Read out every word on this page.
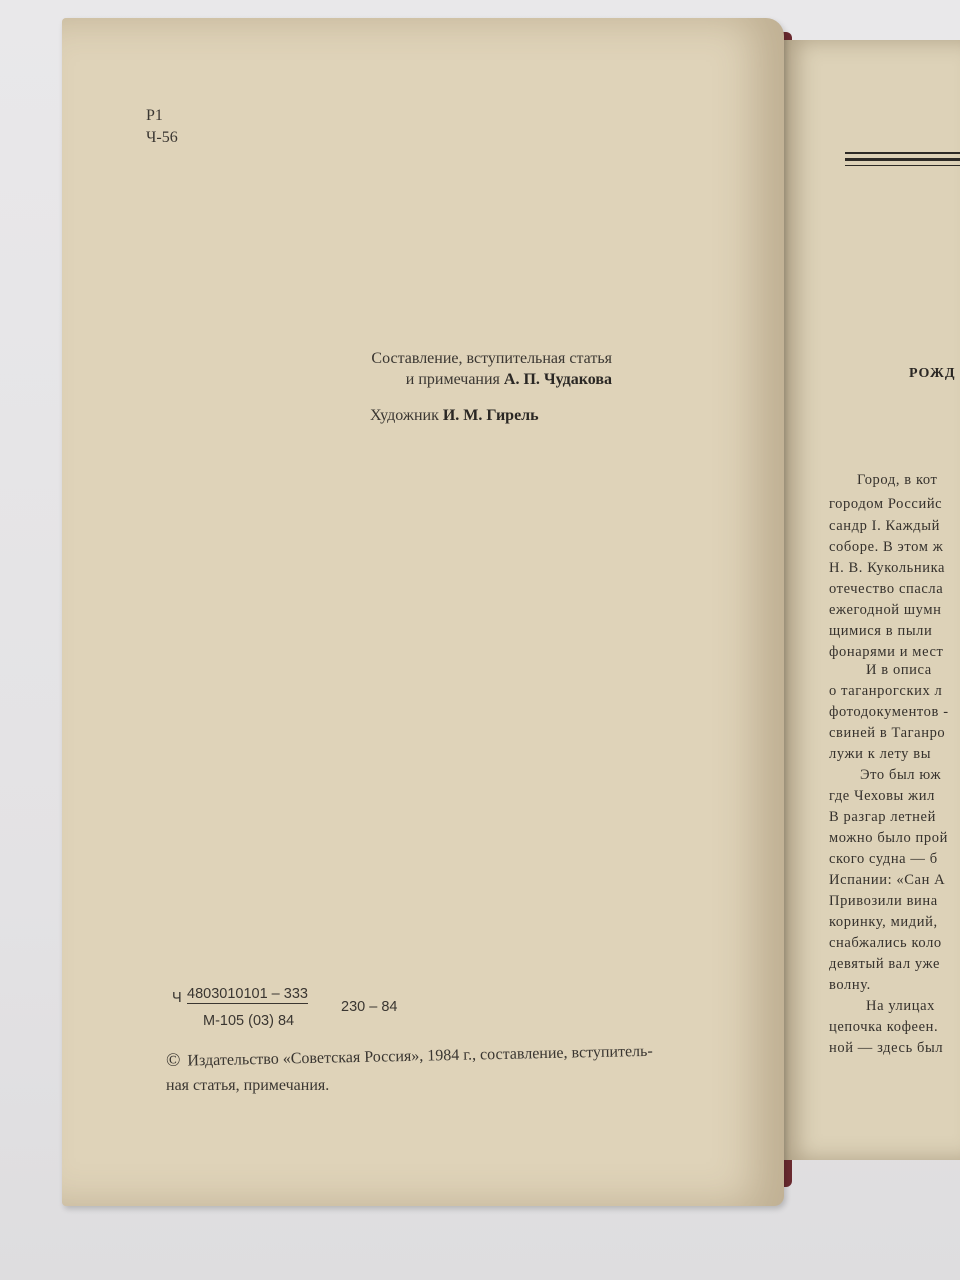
РОЖД
Город, в кот
городом Российс
сандр I. Каждый
соборе. В этом ж
Н. В. Кукольника
отечество спасла
ежегодной шумн
щимися в пыли
фонарями и мест
И в описа
о таганрогских л
фотодокументов -
свиней в Таганро
лужи к лету вы
Это был юж
где Чеховы жил
В разгар летней
можно было прой
ского судна — б
Испании: «Сан А
Привозили вина
коринку, мидий,
снабжались коло
девятый вал уже
волну.
На улицах
цепочка кофеен.
ной — здесь был
Р1
Ч-56
Составление, вступительная статья
и примечания А. П. Чудакова
Художник И. М. Гирель
Ч 4803010101 – 333
М-105 (03) 84
230 – 84
© Издательство «Советская Россия», 1984 г., составление, вступитель-
ная статья, примечания.
